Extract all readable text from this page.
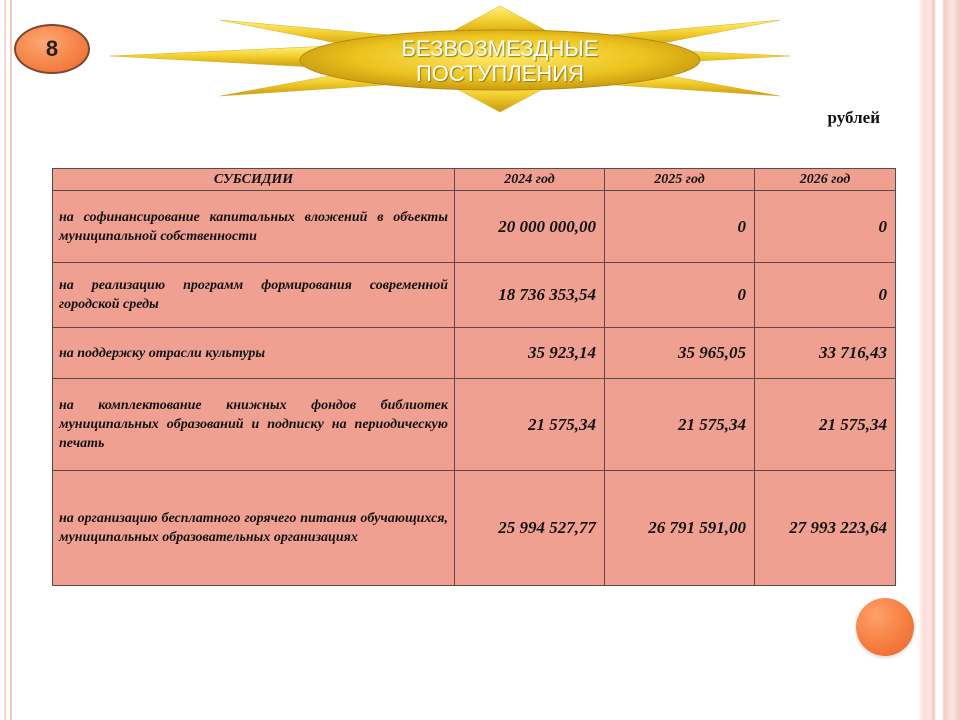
8	БЕЗВОЗМЕЗДНЫЕ
ПОСТУПЛЕНИЯ
рублей
СУБСИДИИ	2024 год	2025 год	2026 год
на софинансирование капитальных вложений в объекты муниципальной собственности	20 000 000,00	0	0
на реализацию программ формирования современной городской среды	18 736 353,54	0	0
на поддержку отрасли культуры	35 923,14	35 965,05	33 716,43
на комплектование книжных фондов библиотек муниципальных образований и подписку на периодическую печать	21 575,34	21 575,34	21 575,34
на организацию бесплатного горячего питания обучающихся, муниципальных образовательных организациях	25 994 527,77	26 791 591,00	27 993 223,64
